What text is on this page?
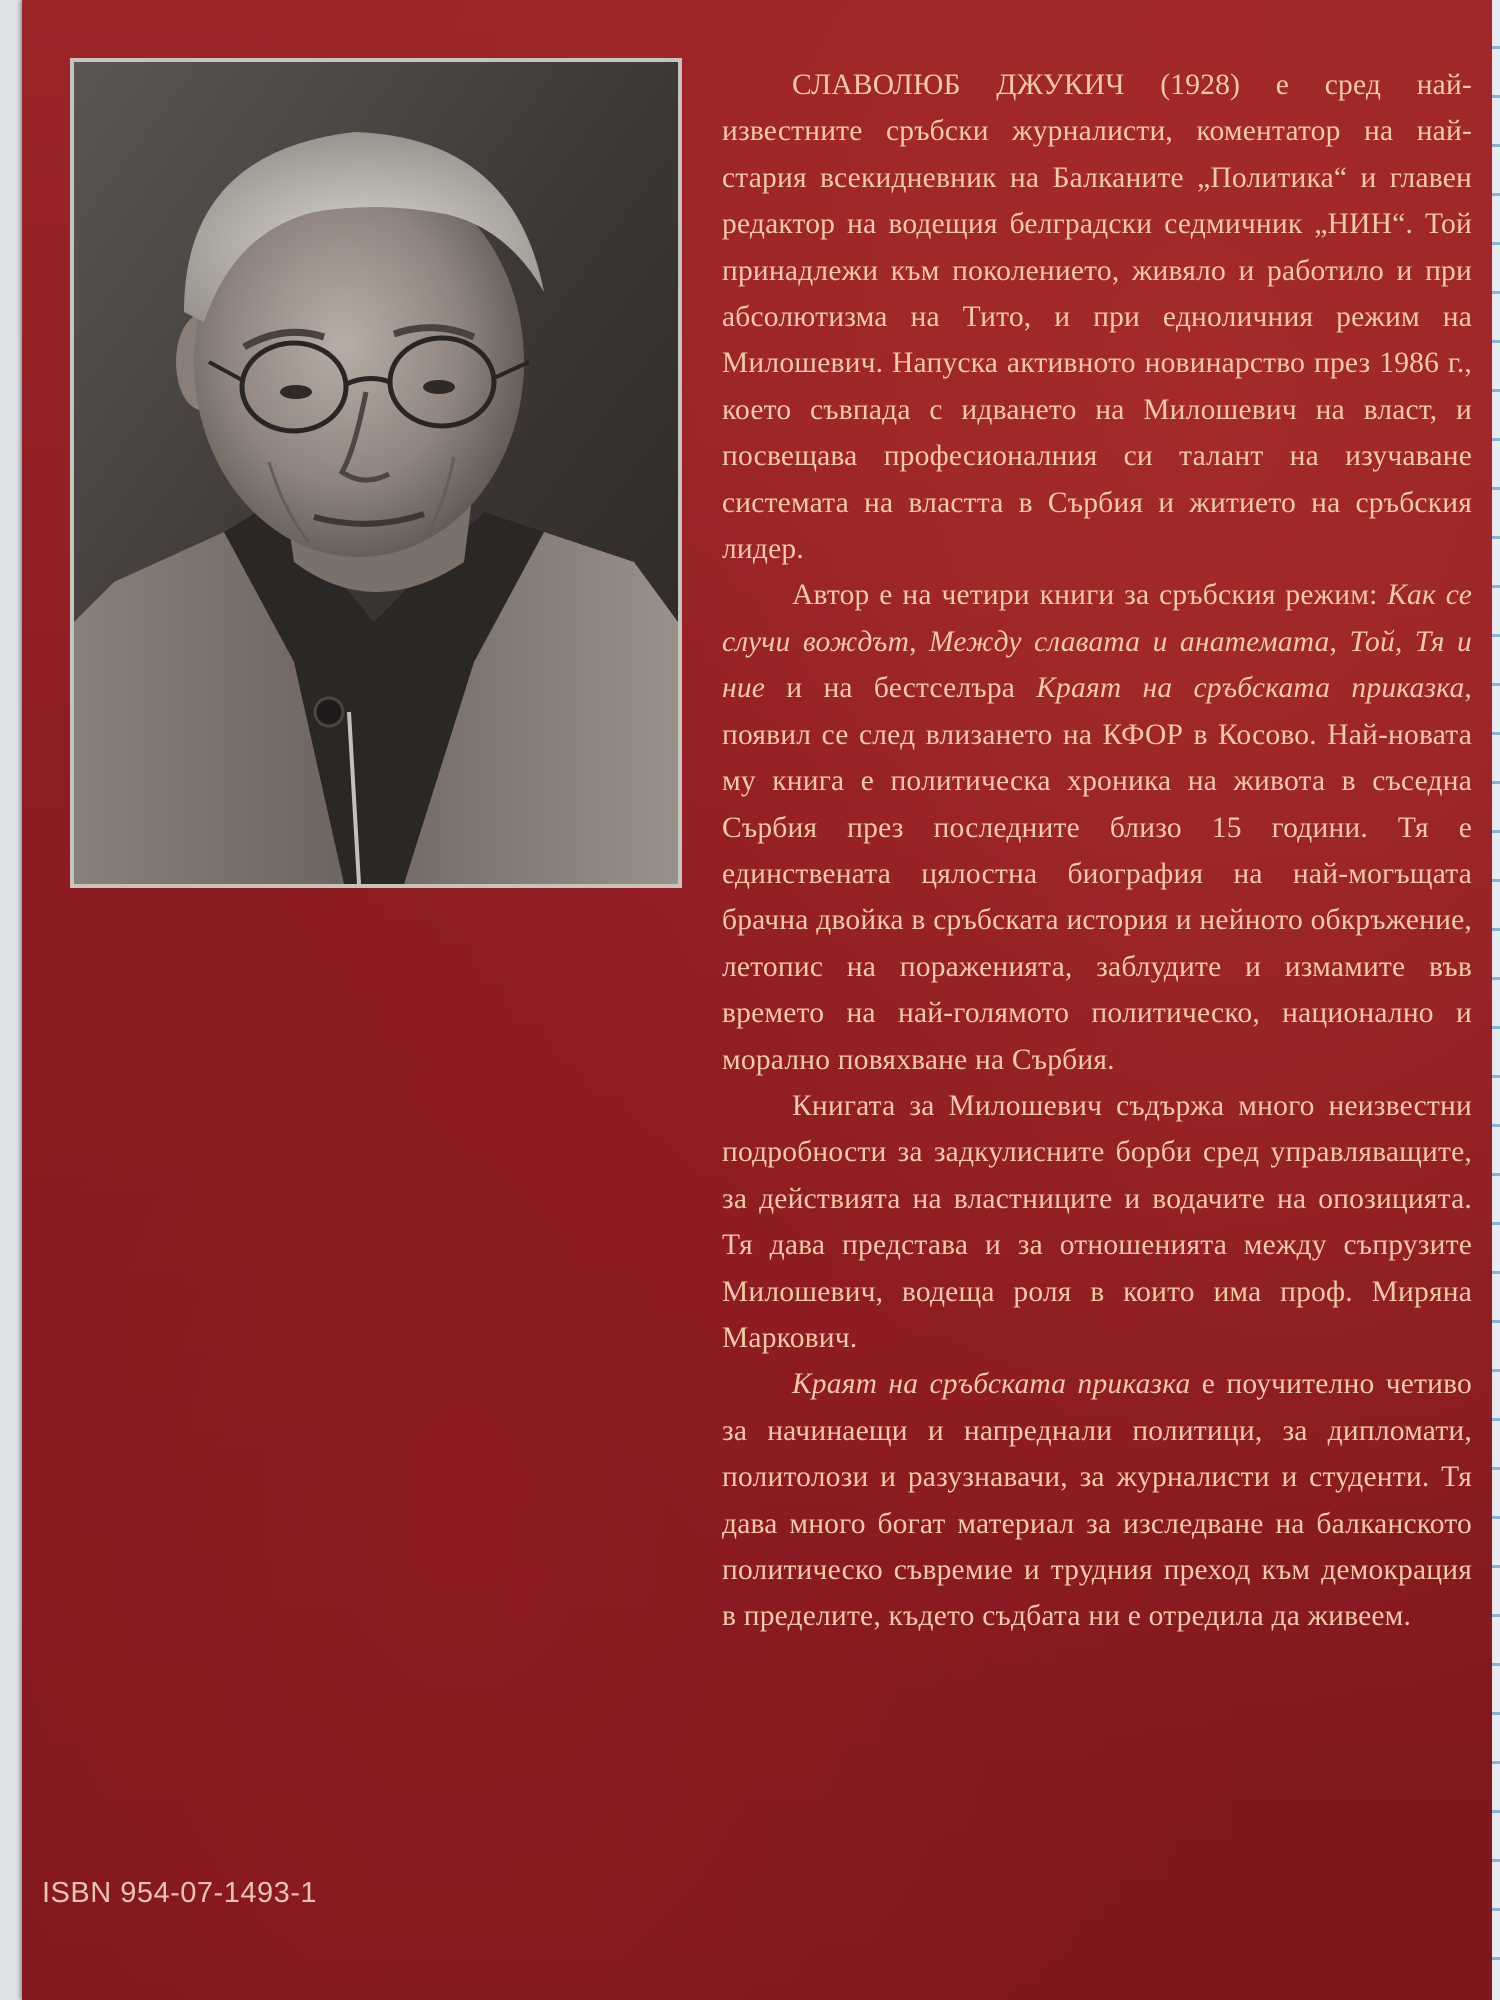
СЛАВОЛЮБ ДЖУКИЧ (1928) е сред най-известните сръбски журналисти, коментатор на най-стария всекидневник на Балканите „Политика“ и главен редактор на водещия белградски седмичник „НИН“. Той принадлежи към поколението, живяло и работило и при абсолютизма на Тито, и при едноличния режим на Милошевич. Напуска активното новинарство през 1986 г., което съвпада с идването на Милошевич на власт, и посвещава професионалния си талант на изучаване системата на властта в Сърбия и житието на сръбския лидер.

Автор е на четири книги за сръбския режим: Как се случи вождът, Между славата и анатемата, Той, Тя и ние и на бестселъра Краят на сръбската приказка, появил се след влизането на КФОР в Косово. Най-новата му книга е политическа хроника на живота в съседна Сърбия през последните близо 15 години. Тя е единствената цялостна биография на най-могъщата брачна двойка в сръбската история и нейното обкръжение, летопис на пораженията, заблудите и измамите във времето на най-голямото политическо, национално и морално повяхване на Сърбия.

Книгата за Милошевич съдържа много неизвестни подробности за задкулисните борби сред управляващите, за действията на властниците и водачите на опозицията. Тя дава представа и за отношенията между съпрузите Милошевич, водеща роля в които има проф. Миряна Маркович.

Краят на сръбската приказка е поучително четиво за начинаещи и напреднали политици, за дипломати, политолози и разузнавачи, за журналисти и студенти. Тя дава много богат материал за изследване на балканското политическо съвремие и трудния преход към демокрация в пределите, където съдбата ни е отредила да живеем.

ISBN 954-07-1493-1
